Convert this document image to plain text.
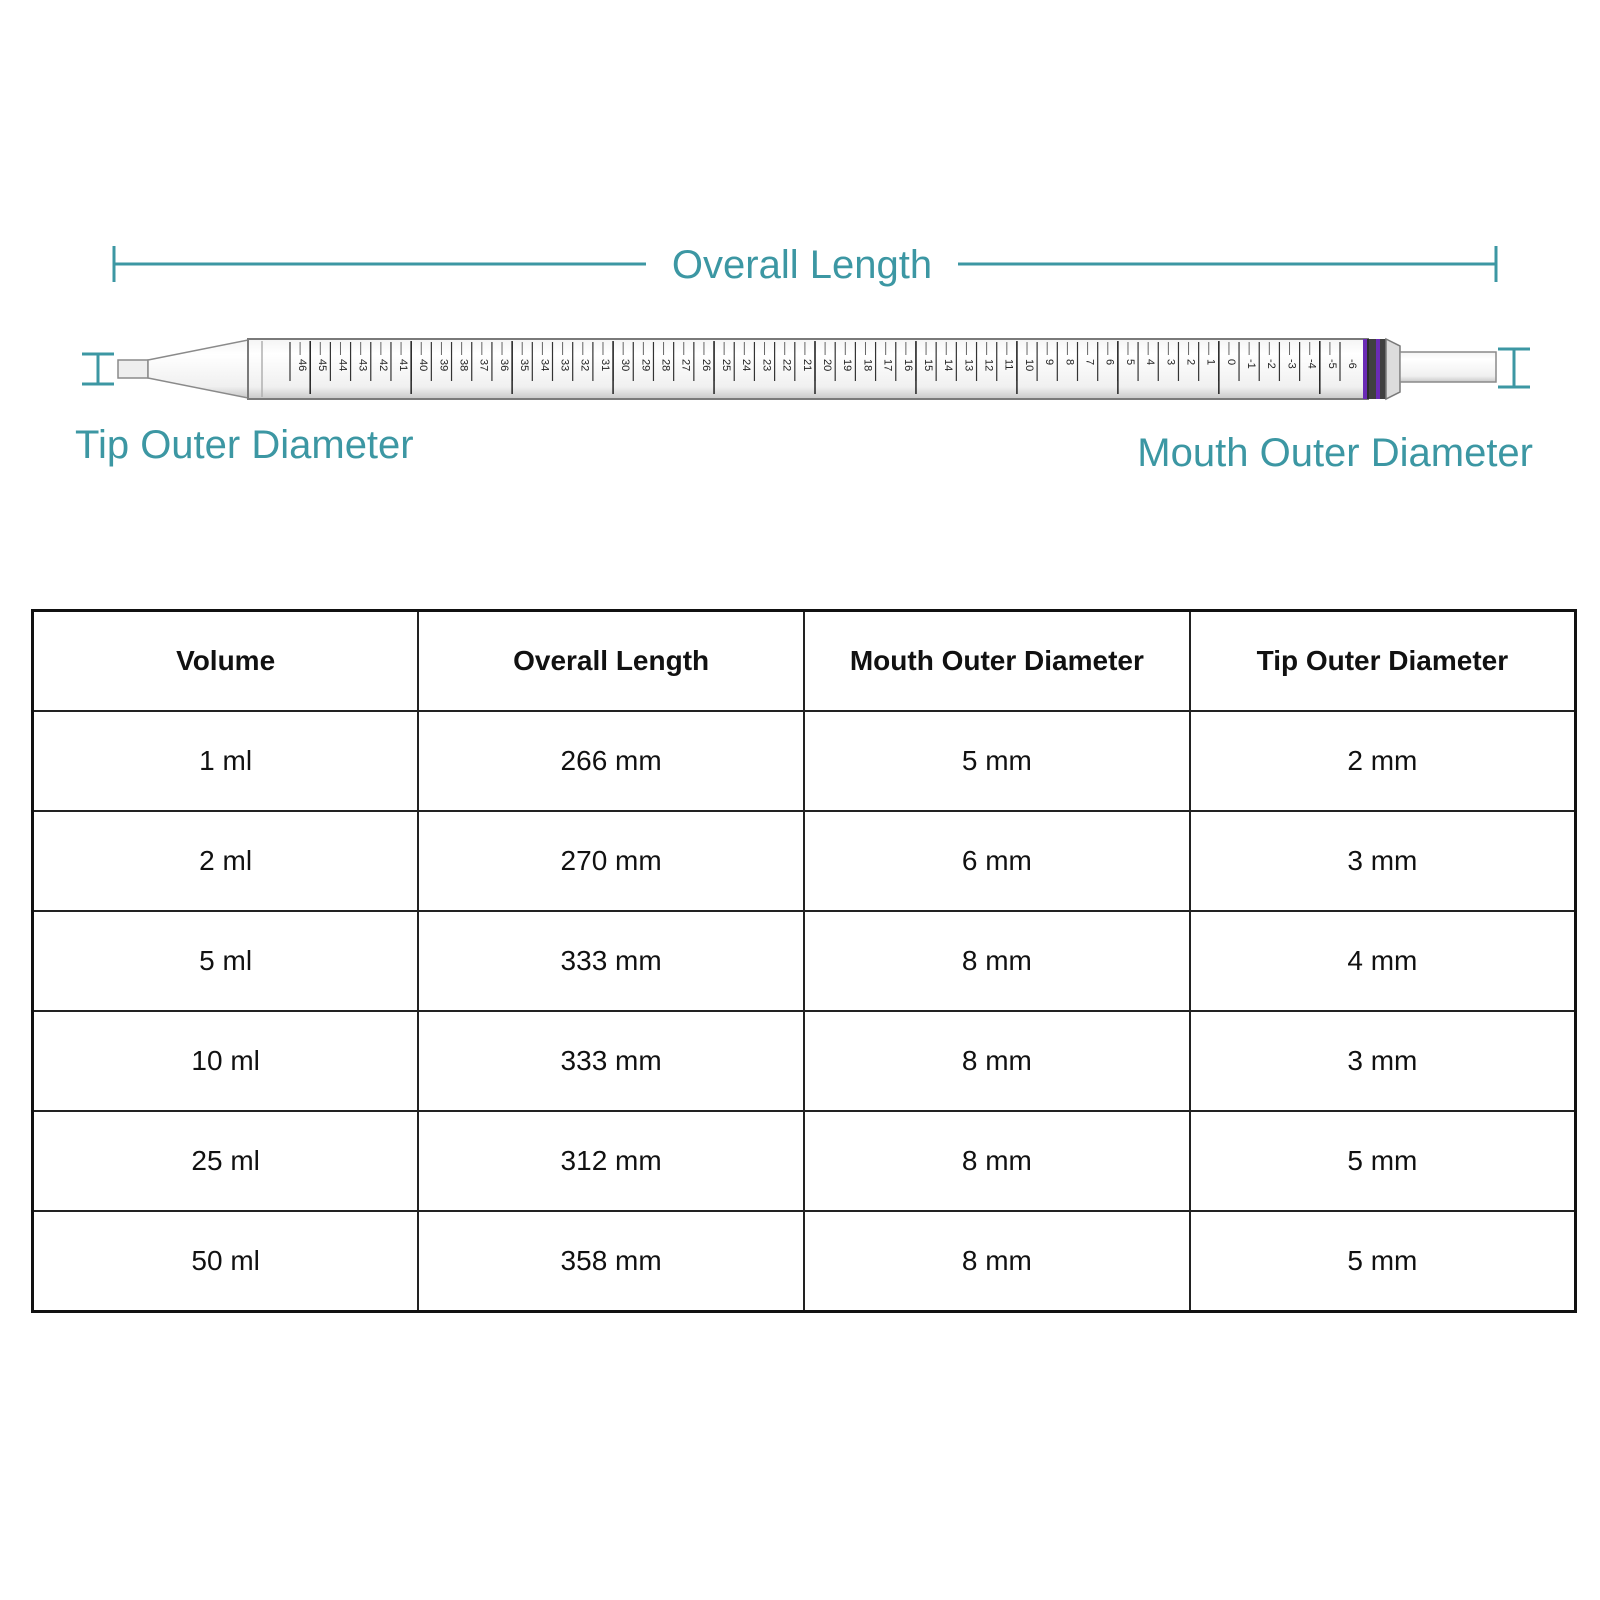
Overall Length
Tip Outer Diameter	Mouth Outer Diameter
46 45 44 43 42 41 40 39 38 37 36 35 34 33 32 31 30 29 28 27 26 25 24 23 22 21 20 19 18 17 16 15 14 13 12 11 10 9 8 7 6 5 4 3 2 1 0 -1 -2 -3 -4 -5 -6
Volume	Overall Length	Mouth Outer Diameter	Tip Outer Diameter
1 ml	266 mm	5 mm	2 mm
2 ml	270 mm	6 mm	3 mm
5 ml	333 mm	8 mm	4 mm
10 ml	333 mm	8 mm	3 mm
25 ml	312 mm	8 mm	5 mm
50 ml	358 mm	8 mm	5 mm
